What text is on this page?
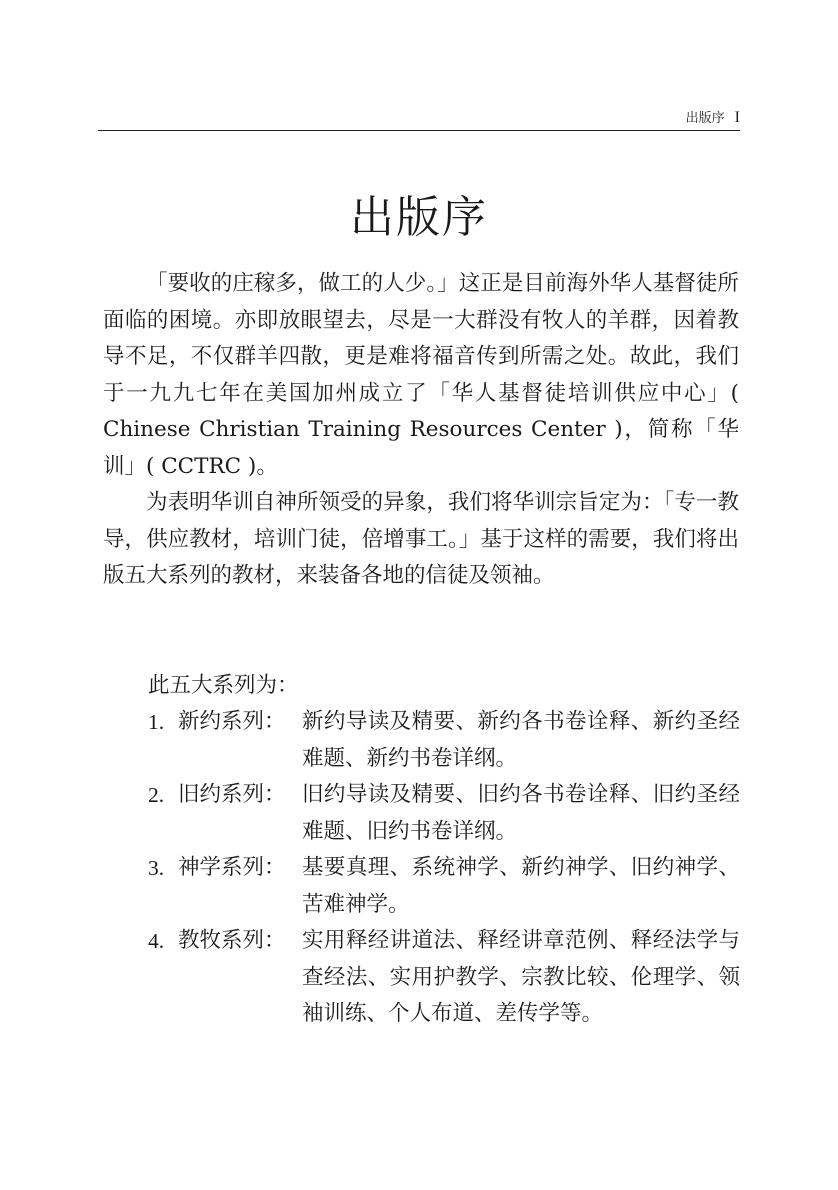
出版序 I
出版序

「要收的庄稼多，做工的人少。」这正是目前海外华人基督徒所面临的困境。亦即放眼望去，尽是一大群没有牧人的羊群，因着教导不足，不仅群羊四散，更是难将福音传到所需之处。故此，我们于一九九七年在美国加州成立了「华人基督徒培训供应中心」( Chinese Christian Training Resources Center )，简称「华训」( CCTRC )。

为表明华训自神所领受的异象，我们将华训宗旨定为：「专一教导，供应教材，培训门徒，倍增事工。」基于这样的需要，我们将出版五大系列的教材，来装备各地的信徒及领袖。

此五大系列为：
1. 新约系列： 新约导读及精要、新约各书卷诠释、新约圣经难题、新约书卷详纲。
2. 旧约系列： 旧约导读及精要、旧约各书卷诠释、旧约圣经难题、旧约书卷详纲。
3. 神学系列： 基要真理、系统神学、新约神学、旧约神学、苦难神学。
4. 教牧系列： 实用释经讲道法、释经讲章范例、释经法学与查经法、实用护教学、宗教比较、伦理学、领袖训练、个人布道、差传学等。
